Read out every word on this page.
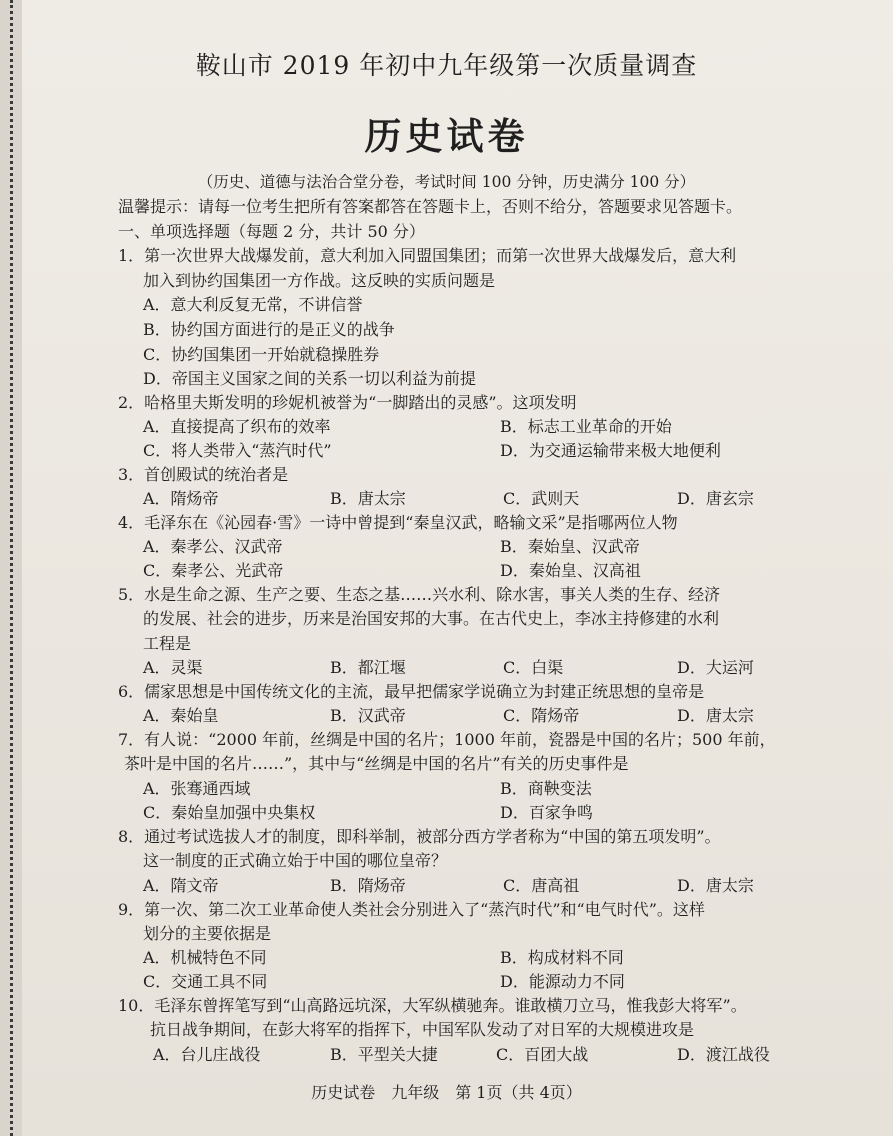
鞍山市 2019 年初中九年级第一次质量调查
历史试卷
（历史、道德与法治合堂分卷，考试时间 100 分钟，历史满分 100 分）
温馨提示：请每一位考生把所有答案都答在答题卡上，否则不给分，答题要求见答题卡。
一、单项选择题（每题 2 分，共计 50 分）
1．第一次世界大战爆发前，意大利加入同盟国集团；而第一次世界大战爆发后，意大利
加入到协约国集团一方作战。这反映的实质问题是
A．意大利反复无常，不讲信誉
B．协约国方面进行的是正义的战争
C．协约国集团一开始就稳操胜券
D．帝国主义国家之间的关系一切以利益为前提
2．哈格里夫斯发明的珍妮机被誉为“一脚踏出的灵感”。这项发明
A．直接提高了织布的效率	B．标志工业革命的开始
C．将人类带入“蒸汽时代”	D．为交通运输带来极大地便利
3．首创殿试的统治者是
A．隋炀帝	B．唐太宗	C．武则天	D．唐玄宗
4．毛泽东在《沁园春·雪》一诗中曾提到“秦皇汉武，略输文采”是指哪两位人物
A．秦孝公、汉武帝	B．秦始皇、汉武帝
C．秦孝公、光武帝	D．秦始皇、汉高祖
5．水是生命之源、生产之要、生态之基……兴水利、除水害，事关人类的生存、经济
的发展、社会的进步，历来是治国安邦的大事。在古代史上，李冰主持修建的水利
工程是
A．灵渠	B．都江堰	C．白渠	D．大运河
6．儒家思想是中国传统文化的主流，最早把儒家学说确立为封建正统思想的皇帝是
A．秦始皇	B．汉武帝	C．隋炀帝	D．唐太宗
7．有人说：“2000 年前，丝绸是中国的名片；1000 年前，瓷器是中国的名片；500 年前，
茶叶是中国的名片……”，其中与“丝绸是中国的名片”有关的历史事件是
A．张骞通西域	B．商鞅变法
C．秦始皇加强中央集权	D．百家争鸣
8．通过考试选拔人才的制度，即科举制，被部分西方学者称为“中国的第五项发明”。
这一制度的正式确立始于中国的哪位皇帝？
A．隋文帝	B．隋炀帝	C．唐高祖	D．唐太宗
9．第一次、第二次工业革命使人类社会分别进入了“蒸汽时代”和“电气时代”。这样
划分的主要依据是
A．机械特色不同	B．构成材料不同
C．交通工具不同	D．能源动力不同
10．毛泽东曾挥笔写到“山高路远坑深，大军纵横驰奔。谁敢横刀立马，惟我彭大将军”。
抗日战争期间，在彭大将军的指挥下，中国军队发动了对日军的大规模进攻是
A．台儿庄战役	B．平型关大捷	C．百团大战	D．渡江战役
历史试卷　九年级　第 1页（共 4页）
